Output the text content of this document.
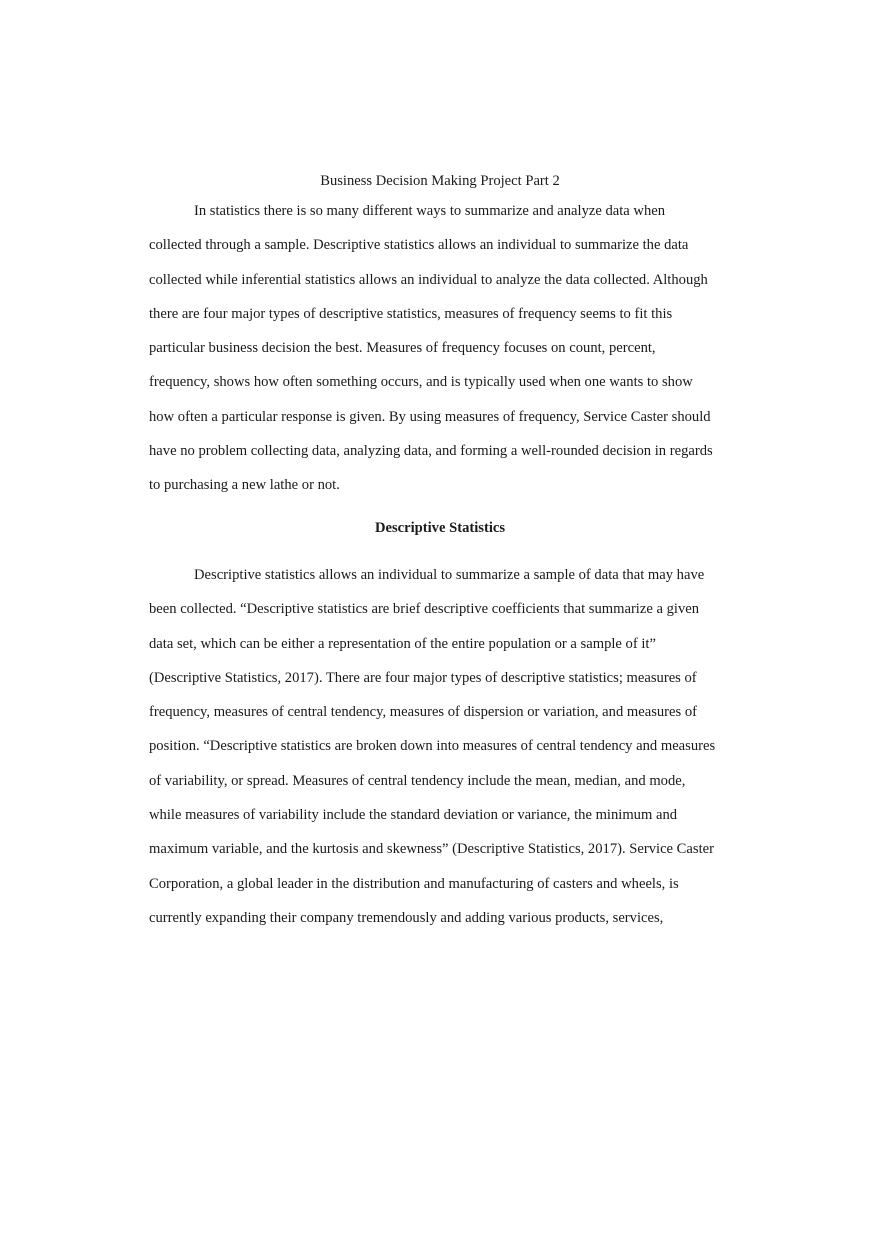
Business Decision Making Project Part 2
In statistics there is so many different ways to summarize and analyze data when
collected through a sample. Descriptive statistics allows an individual to summarize the data
collected while inferential statistics allows an individual to analyze the data collected. Although
there are four major types of descriptive statistics, measures of frequency seems to fit this
particular business decision the best. Measures of frequency focuses on count, percent,
frequency, shows how often something occurs, and is typically used when one wants to show
how often a particular response is given. By using measures of frequency, Service Caster should
have no problem collecting data, analyzing data, and forming a well-rounded decision in regards
to purchasing a new lathe or not.
Descriptive Statistics
Descriptive statistics allows an individual to summarize a sample of data that may have
been collected. “Descriptive statistics are brief descriptive coefficients that summarize a given
data set, which can be either a representation of the entire population or a sample of it”
(Descriptive Statistics, 2017). There are four major types of descriptive statistics; measures of
frequency, measures of central tendency, measures of dispersion or variation, and measures of
position. “Descriptive statistics are broken down into measures of central tendency and measures
of variability, or spread. Measures of central tendency include the mean, median, and mode,
while measures of variability include the standard deviation or variance, the minimum and
maximum variable, and the kurtosis and skewness” (Descriptive Statistics, 2017). Service Caster
Corporation, a global leader in the distribution and manufacturing of casters and wheels, is
currently expanding their company tremendously and adding various products, services,
